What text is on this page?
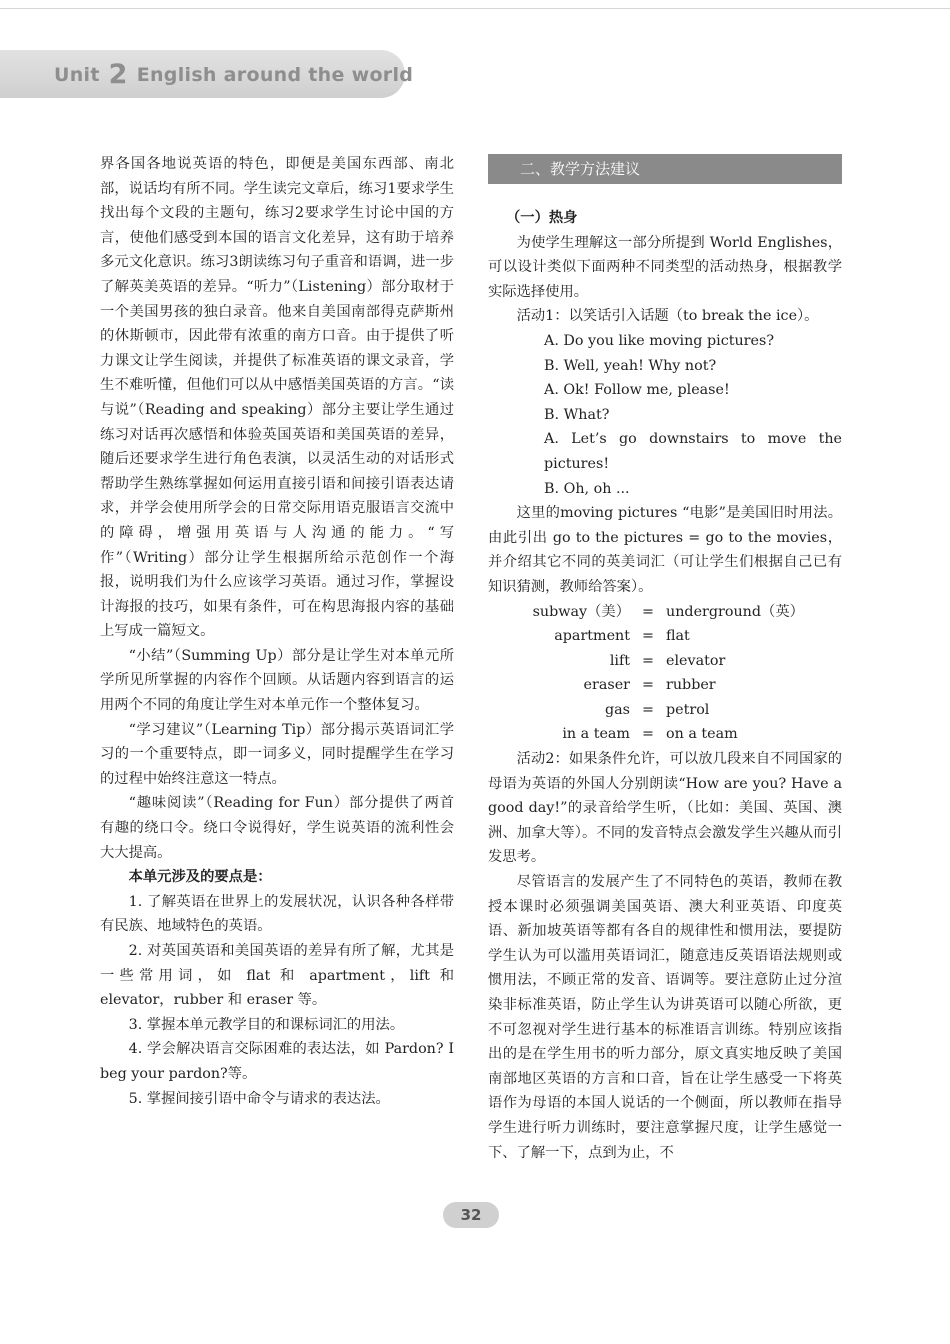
Unit 2 English around the world

界各国各地说英语的特色，即便是美国东西部、南北部，说话均有所不同。学生读完文章后，练习1要求学生找出每个文段的主题句，练习2要求学生讨论中国的方言，使他们感受到本国的语言文化差异，这有助于培养多元文化意识。练习3朗读练习句子重音和语调，进一步了解英美英语的差异。“听力”（Listening）部分取材于一个美国男孩的独白录音。他来自美国南部得克萨斯州的休斯顿市，因此带有浓重的南方口音。由于提供了听力课文让学生阅读，并提供了标准英语的课文录音，学生不难听懂，但他们可以从中感悟美国英语的方言。“读与说”（Reading and speaking）部分主要让学生通过练习对话再次感悟和体验英国英语和美国英语的差异，随后还要求学生进行角色表演，以灵活生动的对话形式帮助学生熟练掌握如何运用直接引语和间接引语表达请求，并学会使用所学会的日常交际用语克服语言交流中的障碍，增强用英语与人沟通的能力。“写作”（Writing）部分让学生根据所给示范创作一个海报，说明我们为什么应该学习英语。通过习作，掌握设计海报的技巧，如果有条件，可在构思海报内容的基础上写成一篇短文。

“小结”（Summing Up）部分是让学生对本单元所学所见所掌握的内容作个回顾。从话题内容到语言的运用两个不同的角度让学生对本单元作一个整体复习。

“学习建议”（Learning Tip）部分揭示英语词汇学习的一个重要特点，即一词多义，同时提醒学生在学习的过程中始终注意这一特点。

“趣味阅读”（Reading for Fun）部分提供了两首有趣的绕口令。绕口令说得好，学生说英语的流利性会大大提高。

本单元涉及的要点是：

1. 了解英语在世界上的发展状况，认识各种各样带有民族、地域特色的英语。

2. 对英国英语和美国英语的差异有所了解，尤其是一些常用词，如 flat 和 apartment，lift 和 elevator，rubber 和 eraser 等。

3. 掌握本单元教学目的和课标词汇的用法。

4. 学会解决语言交际困难的表达法，如 Pardon? I beg your pardon?等。

5. 掌握间接引语中命令与请求的表达法。

二、教学方法建议

（一）热身

为使学生理解这一部分所提到 World Englishes，可以设计类似下面两种不同类型的活动热身，根据教学实际选择使用。

活动1：以笑话引入话题（to break the ice）。

A. Do you like moving pictures?

B. Well, yeah! Why not?

A. Ok! Follow me, please!

B. What?

A. Let’s go downstairs to move the pictures!

B. Oh, oh ...

这里的moving pictures “电影”是美国旧时用法。由此引出 go to the pictures = go to the movies，并介绍其它不同的英美词汇（可让学生们根据自己已有知识猜测，教师给答案）。

subway（美） = underground（英）
apartment = flat
lift = elevator
eraser = rubber
gas = petrol
in a team = on a team

活动2：如果条件允许，可以放几段来自不同国家的母语为英语的外国人分别朗读“How are you? Have a good day!”的录音给学生听，（比如：美国、英国、澳洲、加拿大等）。不同的发音特点会激发学生兴趣从而引发思考。

尽管语言的发展产生了不同特色的英语，教师在教授本课时必须强调美国英语、澳大利亚英语、印度英语、新加坡英语等都有各自的规律性和惯用法，要提防学生认为可以滥用英语词汇，随意违反英语语法规则或惯用法，不顾正常的发音、语调等。要注意防止过分渲染非标准英语，防止学生认为讲英语可以随心所欲，更不可忽视对学生进行基本的标准语言训练。特别应该指出的是在学生用书的听力部分，原文真实地反映了美国南部地区英语的方言和口音，旨在让学生感受一下将英语作为母语的本国人说话的一个侧面，所以教师在指导学生进行听力训练时，要注意掌握尺度，让学生感觉一下、了解一下，点到为止，不

32
